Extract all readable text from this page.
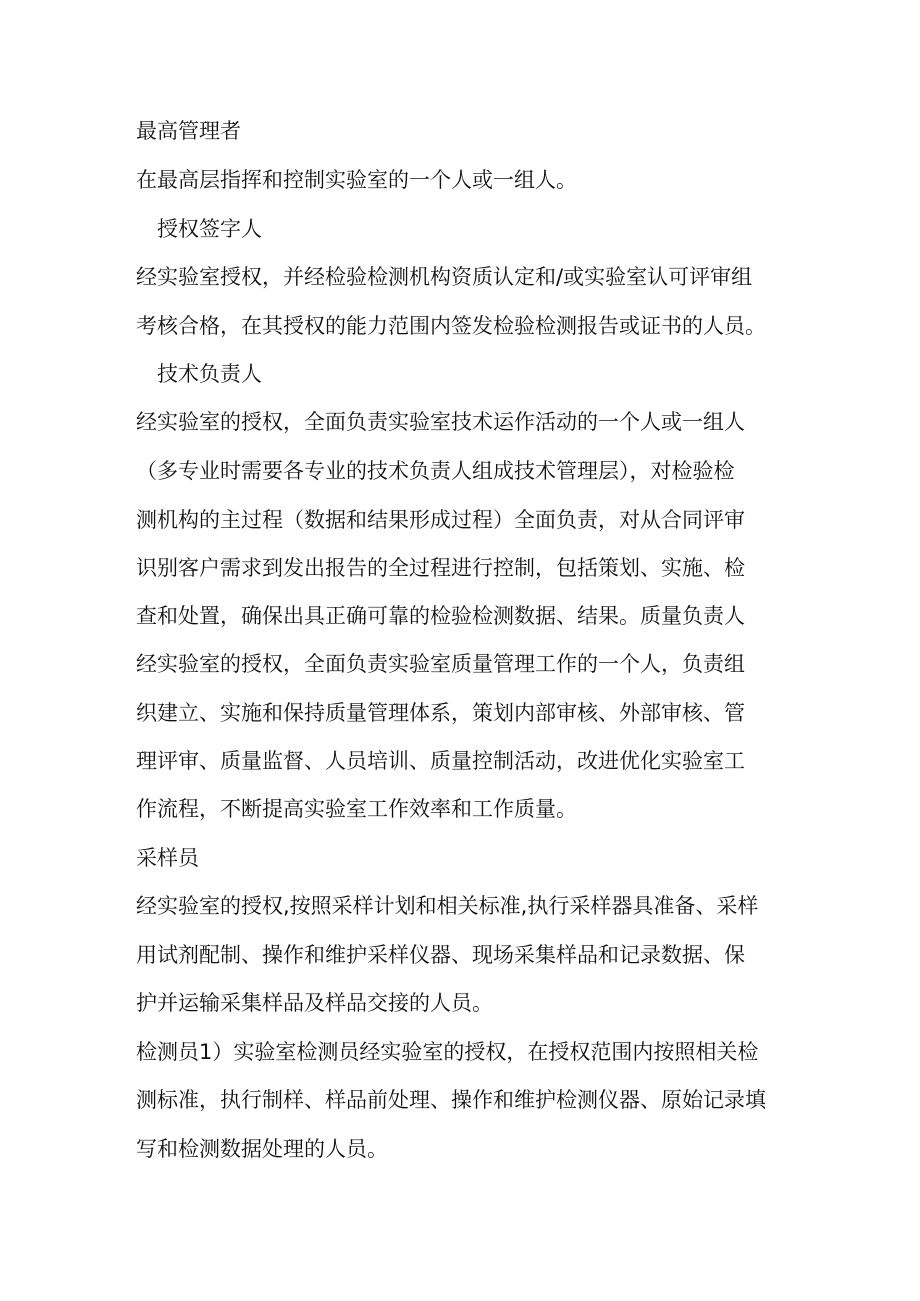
最高管理者
在最高层指挥和控制实验室的一个人或一组人。
授权签字人
经实验室授权，并经检验检测机构资质认定和/或实验室认可评审组
考核合格，在其授权的能力范围内签发检验检测报告或证书的人员。
技术负责人
经实验室的授权，全面负责实验室技术运作活动的一个人或一组人
（多专业时需要各专业的技术负责人组成技术管理层），对检验检
测机构的主过程（数据和结果形成过程）全面负责，对从合同评审
识别客户需求到发出报告的全过程进行控制，包括策划、实施、检
查和处置，确保出具正确可靠的检验检测数据、结果。质量负责人
经实验室的授权，全面负责实验室质量管理工作的一个人，负责组
织建立、实施和保持质量管理体系，策划内部审核、外部审核、管
理评审、质量监督、人员培训、质量控制活动，改进优化实验室工
作流程，不断提高实验室工作效率和工作质量。
采样员
经实验室的授权,按照采样计划和相关标准,执行采样器具准备、采样
用试剂配制、操作和维护采样仪器、现场采集样品和记录数据、保
护并运输采集样品及样品交接的人员。
检测员1）实验室检测员经实验室的授权，在授权范围内按照相关检
测标准，执行制样、样品前处理、操作和维护检测仪器、原始记录填
写和检测数据处理的人员。
